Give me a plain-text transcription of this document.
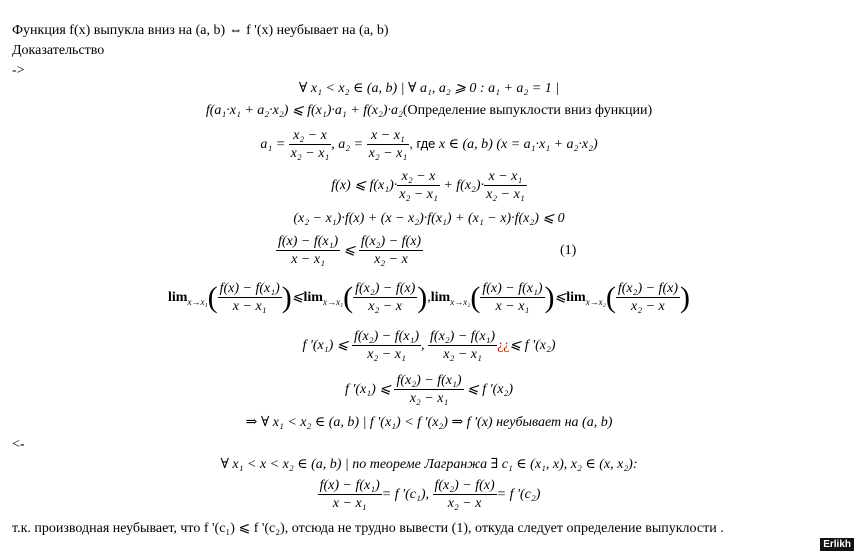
Функция f(x) выпукла вниз на (a, b) ⇔ f '(x) неубывает на (a, b)
Доказательство
->
∀ x₁ < x₂ ∈ (a, b) | ∀ a₁, a₂ ⩾ 0 : a₁ + a₂ = 1 |
f(a₁·x₁ + a₂·x₂) ⩽ f(x₁)·a₁ + f(x₂)·a₂(Определение выпуклости вниз функции)
$a_1 = \frac{\text{x₂ − x}}{\text{x₂ − x₁}}$ , $a_2 = \frac{\text{x − x₁}}{\text{x₂ − x₁}}$ , где x ∈ (a, b) (x = a₁·x₁ + a₂·x₂)
f(x) ⩽ $f(x_1)\cdot \frac{\text{x₂ − x}}{\text{x₂ − x₁}} + f(x_2)\cdot \frac{\text{x − x₁}}{\text{x₂ − x₁}}$
(x₂ − x₁)·f(x) + (x − x₂)·f(x₁) + (x₁ − x)·f(x₂) ⩽ 0
$\frac{\text{f(x) − f(x₁)}}{\text{x − x₁}}$ ⩽ $\frac{\text{f(x₂) − f(x)}}{\text{x₂ − x}}$	(1)
$\lim_{x\to x_1}( \frac{\text{f(x) − f(x₁)}}{\text{x − x₁}}$ )$⩽\lim_{x\to x_1}( \frac{\text{f(x₂) − f(x)}}{\text{x₂ − x}} ),\lim_{x\to x_2}( \frac{\text{f(x) − f(x₁)}}{\text{x − x₁}}$ )$⩽\lim_{x\to x_2}( \frac{\text{f(x₂) − f(x)}}{\text{x₂ − x}}$ )
f '(x₁) ⩽ $\frac{\text{f(x₂) − f(x₁)}}{\text{x₂ − x₁}}$ , $\frac{\text{f(x₂) − f(x₁)}}{\text{x₂ − x₁}}$ ¿¿⩽ f '(x₂)
f '(x₁) ⩽ $\frac{\text{f(x₂) − f(x₁)}}{\text{x₂ − x₁}}$ ⩽ f '(x₂)
⇒ ∀ x₁ < x₂ ∈ (a, b) | f '(x₁) < f '(x₂) ⇒ f '(x) неубывает на (a, b)
<-
∀ x₁ < x < x₂ ∈ (a, b) | по теореме Лагранжа ∃ c₁ ∈ (x₁, x), x₂ ∈ (x, x₂):
$\frac{\text{f(x) − f(x₁)}}{\text{x − x₁}} = f$ '(c₁), $\frac{\text{f(x₂) − f(x)}}{\text{x₂ − x}} = f$ '(c₂)
т.к. производная неубывает, что f '(c₁) ⩽ f '(c₂), отсюда не трудно вывести (1), откуда следует определение выпуклости .
Erlikh
